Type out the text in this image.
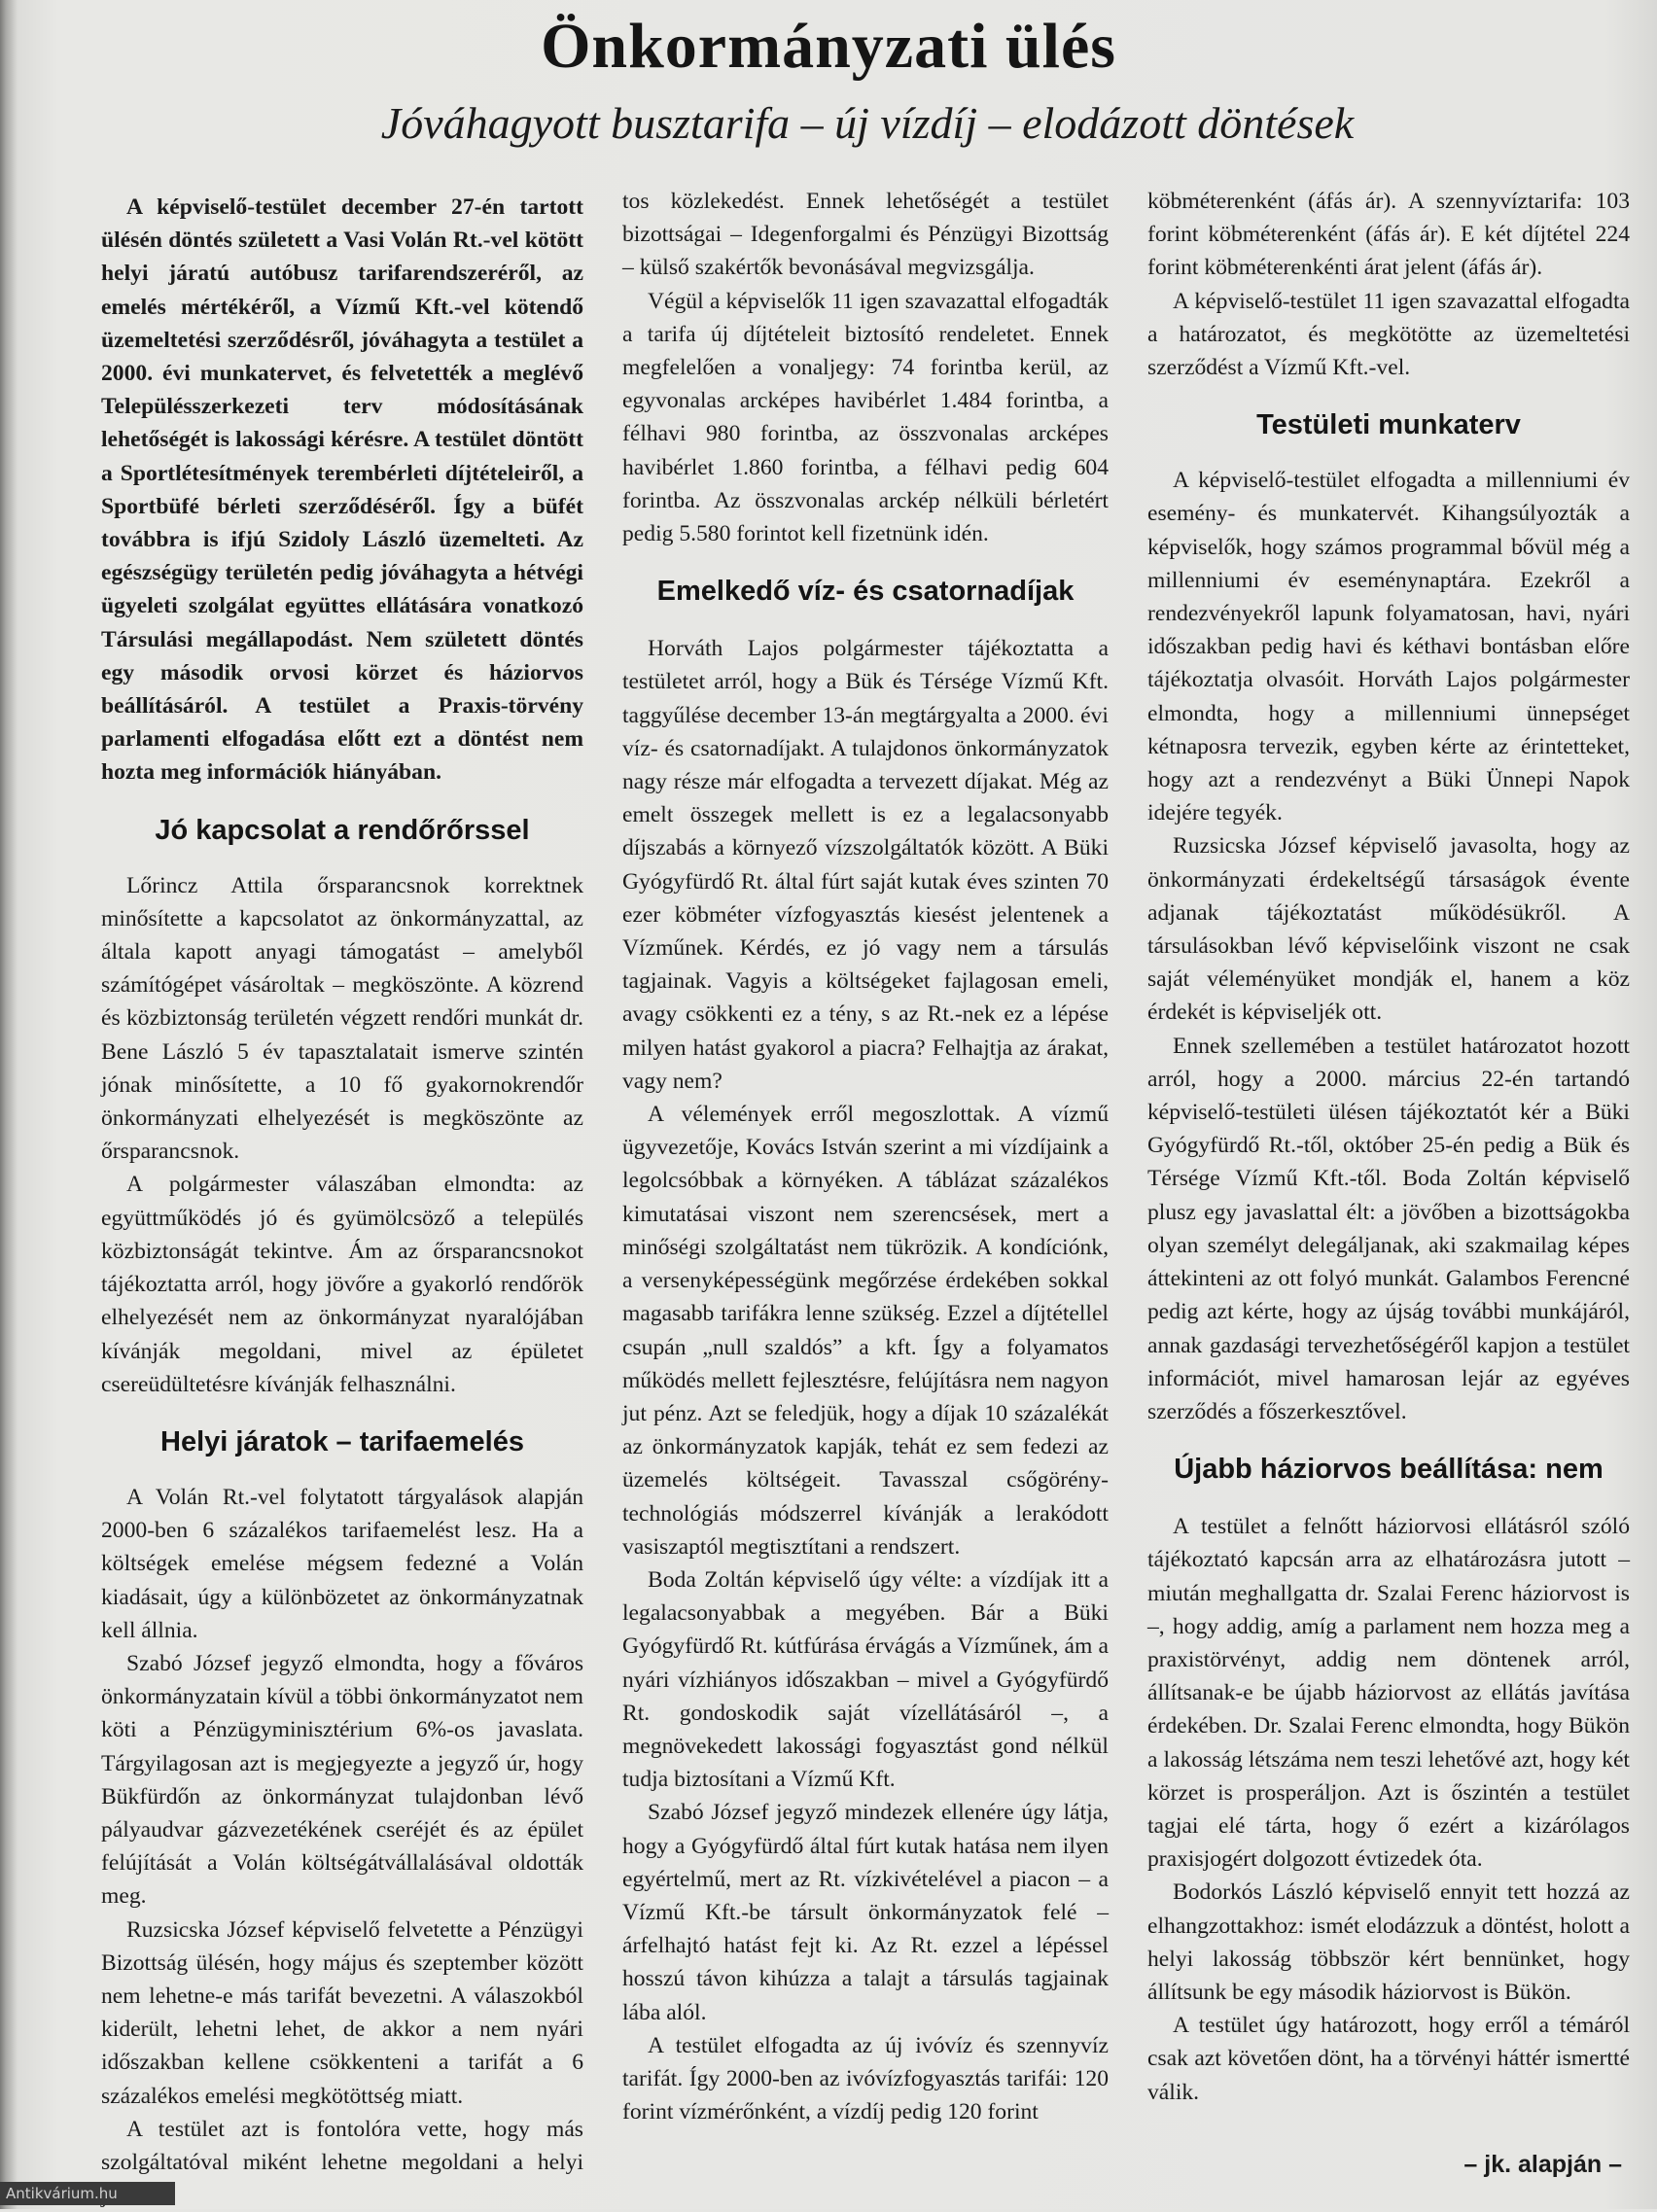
Önkormányzati ülés
Jóváhagyott busztarifa – új vízdíj – elodázott döntések

A képviselő-testület december 27-én tartott ülésén döntés született a Vasi Volán Rt.-vel kötött helyi járatú autóbusz tarifarendszeréről, az emelés mértékéről, a Vízmű Kft.-vel kötendő üzemeltetési szerződésről, jóváhagyta a testület a 2000. évi munkatervet, és felvetették a meglévő Településszerkezeti terv módosításának lehetőségét is lakossági kérésre. A testület döntött a Sportlétesítmények terembérleti díjtételeiről, a Sportbüfé bérleti szerződéséről. Így a büfét továbbra is ifjú Szidoly László üzemelteti. Az egészségügy területén pedig jóváhagyta a hétvégi ügyeleti szolgálat együttes ellátására vonatkozó Társulási megállapodást. Nem született döntés egy második orvosi körzet és háziorvos beállításáról. A testület a Praxis-törvény parlamenti elfogadása előtt ezt a döntést nem hozta meg információk hiányában.

Jó kapcsolat a rendőrőrssel

Lőrincz Attila őrsparancsnok korrektnek minősítette a kapcsolatot az önkormányzattal, az általa kapott anyagi támogatást – amelyből számítógépet vásároltak – megköszönte. A közrend és közbiztonság területén végzett rendőri munkát dr. Bene László 5 év tapasztalatait ismerve szintén jónak minősítette, a 10 fő gyakornokrendőr önkormányzati elhelyezését is megköszönte az őrsparancsnok.

A polgármester válaszában elmondta: az együttműködés jó és gyümölcsöző a település közbiztonságát tekintve. Ám az őrsparancsnokot tájékoztatta arról, hogy jövőre a gyakorló rendőrök elhelyezését nem az önkormányzat nyaralójában kívánják megoldani, mivel az épületet csereüdültetésre kívánják felhasználni.

Helyi járatok – tarifaemelés

A Volán Rt.-vel folytatott tárgyalások alapján 2000-ben 6 százalékos tarifaemelést lesz. Ha a költségek emelése mégsem fedezné a Volán kiadásait, úgy a különbözetet az önkormányzatnak kell állnia.

Szabó József jegyző elmondta, hogy a főváros önkormányzatain kívül a többi önkormányzatot nem köti a Pénzügyminisztérium 6%-os javaslata. Tárgyilagosan azt is megjegyezte a jegyző úr, hogy Bükfürdőn az önkormányzat tulajdonban lévő pályaudvar gázvezetékének cseréjét és az épület felújítását a Volán költségátvállalásával oldották meg.

Ruzsicska József képviselő felvetette a Pénzügyi Bizottság ülésén, hogy május és szeptember között nem lehetne-e más tarifát bevezetni. A válaszokból kiderült, lehetni lehet, de akkor a nem nyári időszakban kellene csökkenteni a tarifát a 6 százalékos emelési megkötöttség miatt.

A testület azt is fontolóra vette, hogy más szolgáltatóval miként lehetne megoldani a helyi

tos közlekedést. Ennek lehetőségét a testület bizottságai – Idegenforgalmi és Pénzügyi Bizottság – külső szakértők bevonásával megvizsgálja.

Végül a képviselők 11 igen szavazattal elfogadták a tarifa új díjtételeit biztosító rendeletet. Ennek megfelelően a vonaljegy: 74 forintba kerül, az egyvonalas arcképes havibérlet 1.484 forintba, a félhavi 980 forintba, az összvonalas arcképes havibérlet 1.860 forintba, a félhavi pedig 604 forintba. Az összvonalas arckép nélküli bérletért pedig 5.580 forintot kell fizetnünk idén.

Emelkedő víz- és csatornadíjak

Horváth Lajos polgármester tájékoztatta a testületet arról, hogy a Bük és Térsége Vízmű Kft. taggyűlése december 13-án megtárgyalta a 2000. évi víz- és csatornadíjakt. A tulajdonos önkormányzatok nagy része már elfogadta a tervezett díjakat. Még az emelt összegek mellett is ez a legalacsonyabb díjszabás a környező vízszolgáltatók között. A Büki Gyógyfürdő Rt. által fúrt saját kutak éves szinten 70 ezer köbméter vízfogyasztás kiesést jelentenek a Vízműnek. Kérdés, ez jó vagy nem a társulás tagjainak. Vagyis a költségeket fajlagosan emeli, avagy csökkenti ez a tény, s az Rt.-nek ez a lépése milyen hatást gyakorol a piacra? Felhajtja az árakat, vagy nem?

A vélemények erről megoszlottak. A vízmű ügyvezetője, Kovács István szerint a mi vízdíjaink a legolcsóbbak a környéken. A táblázat százalékos kimutatásai viszont nem szerencsések, mert a minőségi szolgáltatást nem tükrözik. A kondíciónk, a versenyképességünk megőrzése érdekében sokkal magasabb tarifákra lenne szükség. Ezzel a díjtétellel csupán „null szaldós” a kft. Így a folyamatos működés mellett fejlesztésre, felújításra nem nagyon jut pénz. Azt se feledjük, hogy a díjak 10 százalékát az önkormányzatok kapják, tehát ez sem fedezi az üzemelés költségeit. Tavasszal csőgörény-technológiás módszerrel kívánják a lerakódott vasiszaptól megtisztítani a rendszert.

Boda Zoltán képviselő úgy vélte: a vízdíjak itt a legalacsonyabbak a megyében. Bár a Büki Gyógyfürdő Rt. kútfúrása érvágás a Vízműnek, ám a nyári vízhiányos időszakban – mivel a Gyógyfürdő Rt. gondoskodik saját vízellátásáról –, a megnövekedett lakossági fogyasztást gond nélkül tudja biztosítani a Vízmű Kft.

Szabó József jegyző mindezek ellenére úgy látja, hogy a Gyógyfürdő által fúrt kutak hatása nem ilyen egyértelmű, mert az Rt. vízkivételével a piacon – a Vízmű Kft.-be társult önkormányzatok felé – árfelhajtó hatást fejt ki. Az Rt. ezzel a lépéssel hosszú távon kihúzza a talajt a társulás tagjainak lába alól.

A testület elfogadta az új ivóvíz és szennyvíz tarifát. Így 2000-ben az ivóvízfogyasztás tarifái: 120 forint vízmérőnként, a vízdíj pedig 120 forint

köbméterenként (áfás ár). A szennyvíztarifa: 103 forint köbméterenként (áfás ár). E két díjtétel 224 forint köbméterenkénti árat jelent (áfás ár).

A képviselő-testület 11 igen szavazattal elfogadta a határozatot, és megkötötte az üzemeltetési szerződést a Vízmű Kft.-vel.

Testületi munkaterv

A képviselő-testület elfogadta a millenniumi év esemény- és munkatervét. Kihangsúlyozták a képviselők, hogy számos programmal bővül még a millenniumi év eseménynaptára. Ezekről a rendezvényekről lapunk folyamatosan, havi, nyári időszakban pedig havi és kéthavi bontásban előre tájékoztatja olvasóit. Horváth Lajos polgármester elmondta, hogy a millenniumi ünnepséget kétnaposra tervezik, egyben kérte az érintetteket, hogy azt a rendezvényt a Büki Ünnepi Napok idejére tegyék.

Ruzsicska József képviselő javasolta, hogy az önkormányzati érdekeltségű társaságok évente adjanak tájékoztatást működésükről. A társulásokban lévő képviselőink viszont ne csak saját véleményüket mondják el, hanem a köz érdekét is képviseljék ott.

Ennek szellemében a testület határozatot hozott arról, hogy a 2000. március 22-én tartandó képviselő-testületi ülésen tájékoztatót kér a Büki Gyógyfürdő Rt.-től, október 25-én pedig a Bük és Térsége Vízmű Kft.-től. Boda Zoltán képviselő plusz egy javaslattal élt: a jövőben a bizottságokba olyan személyt delegáljanak, aki szakmailag képes áttekinteni az ott folyó munkát. Galambos Ferencné pedig azt kérte, hogy az újság további munkájáról, annak gazdasági tervezhetőségéről kapjon a testület információt, mivel hamarosan lejár az egyéves szerződés a főszerkesztővel.

Újabb háziorvos beállítása: nem

A testület a felnőtt háziorvosi ellátásról szóló tájékoztató kapcsán arra az elhatározásra jutott – miután meghallgatta dr. Szalai Ferenc háziorvost is –, hogy addig, amíg a parlament nem hozza meg a praxistörvényt, addig nem döntenek arról, állítsanak-e be újabb háziorvost az ellátás javítása érdekében. Dr. Szalai Ferenc elmondta, hogy Bükön a lakosság létszáma nem teszi lehetővé azt, hogy két körzet is prosperáljon. Azt is őszintén a testület tagjai elé tárta, hogy ő ezért a kizárólagos praxisjogért dolgozott évtizedek óta.

Bodorkós László képviselő ennyit tett hozzá az elhangzottakhoz: ismét elodázzuk a döntést, holott a helyi lakosság többször kért bennünket, hogy állítsunk be egy második háziorvost is Bükön.

A testület úgy határozott, hogy erről a témáról csak azt követően dönt, ha a törvényi háttér ismertté válik.

– jk. alapján –
Antikvárium.hu
